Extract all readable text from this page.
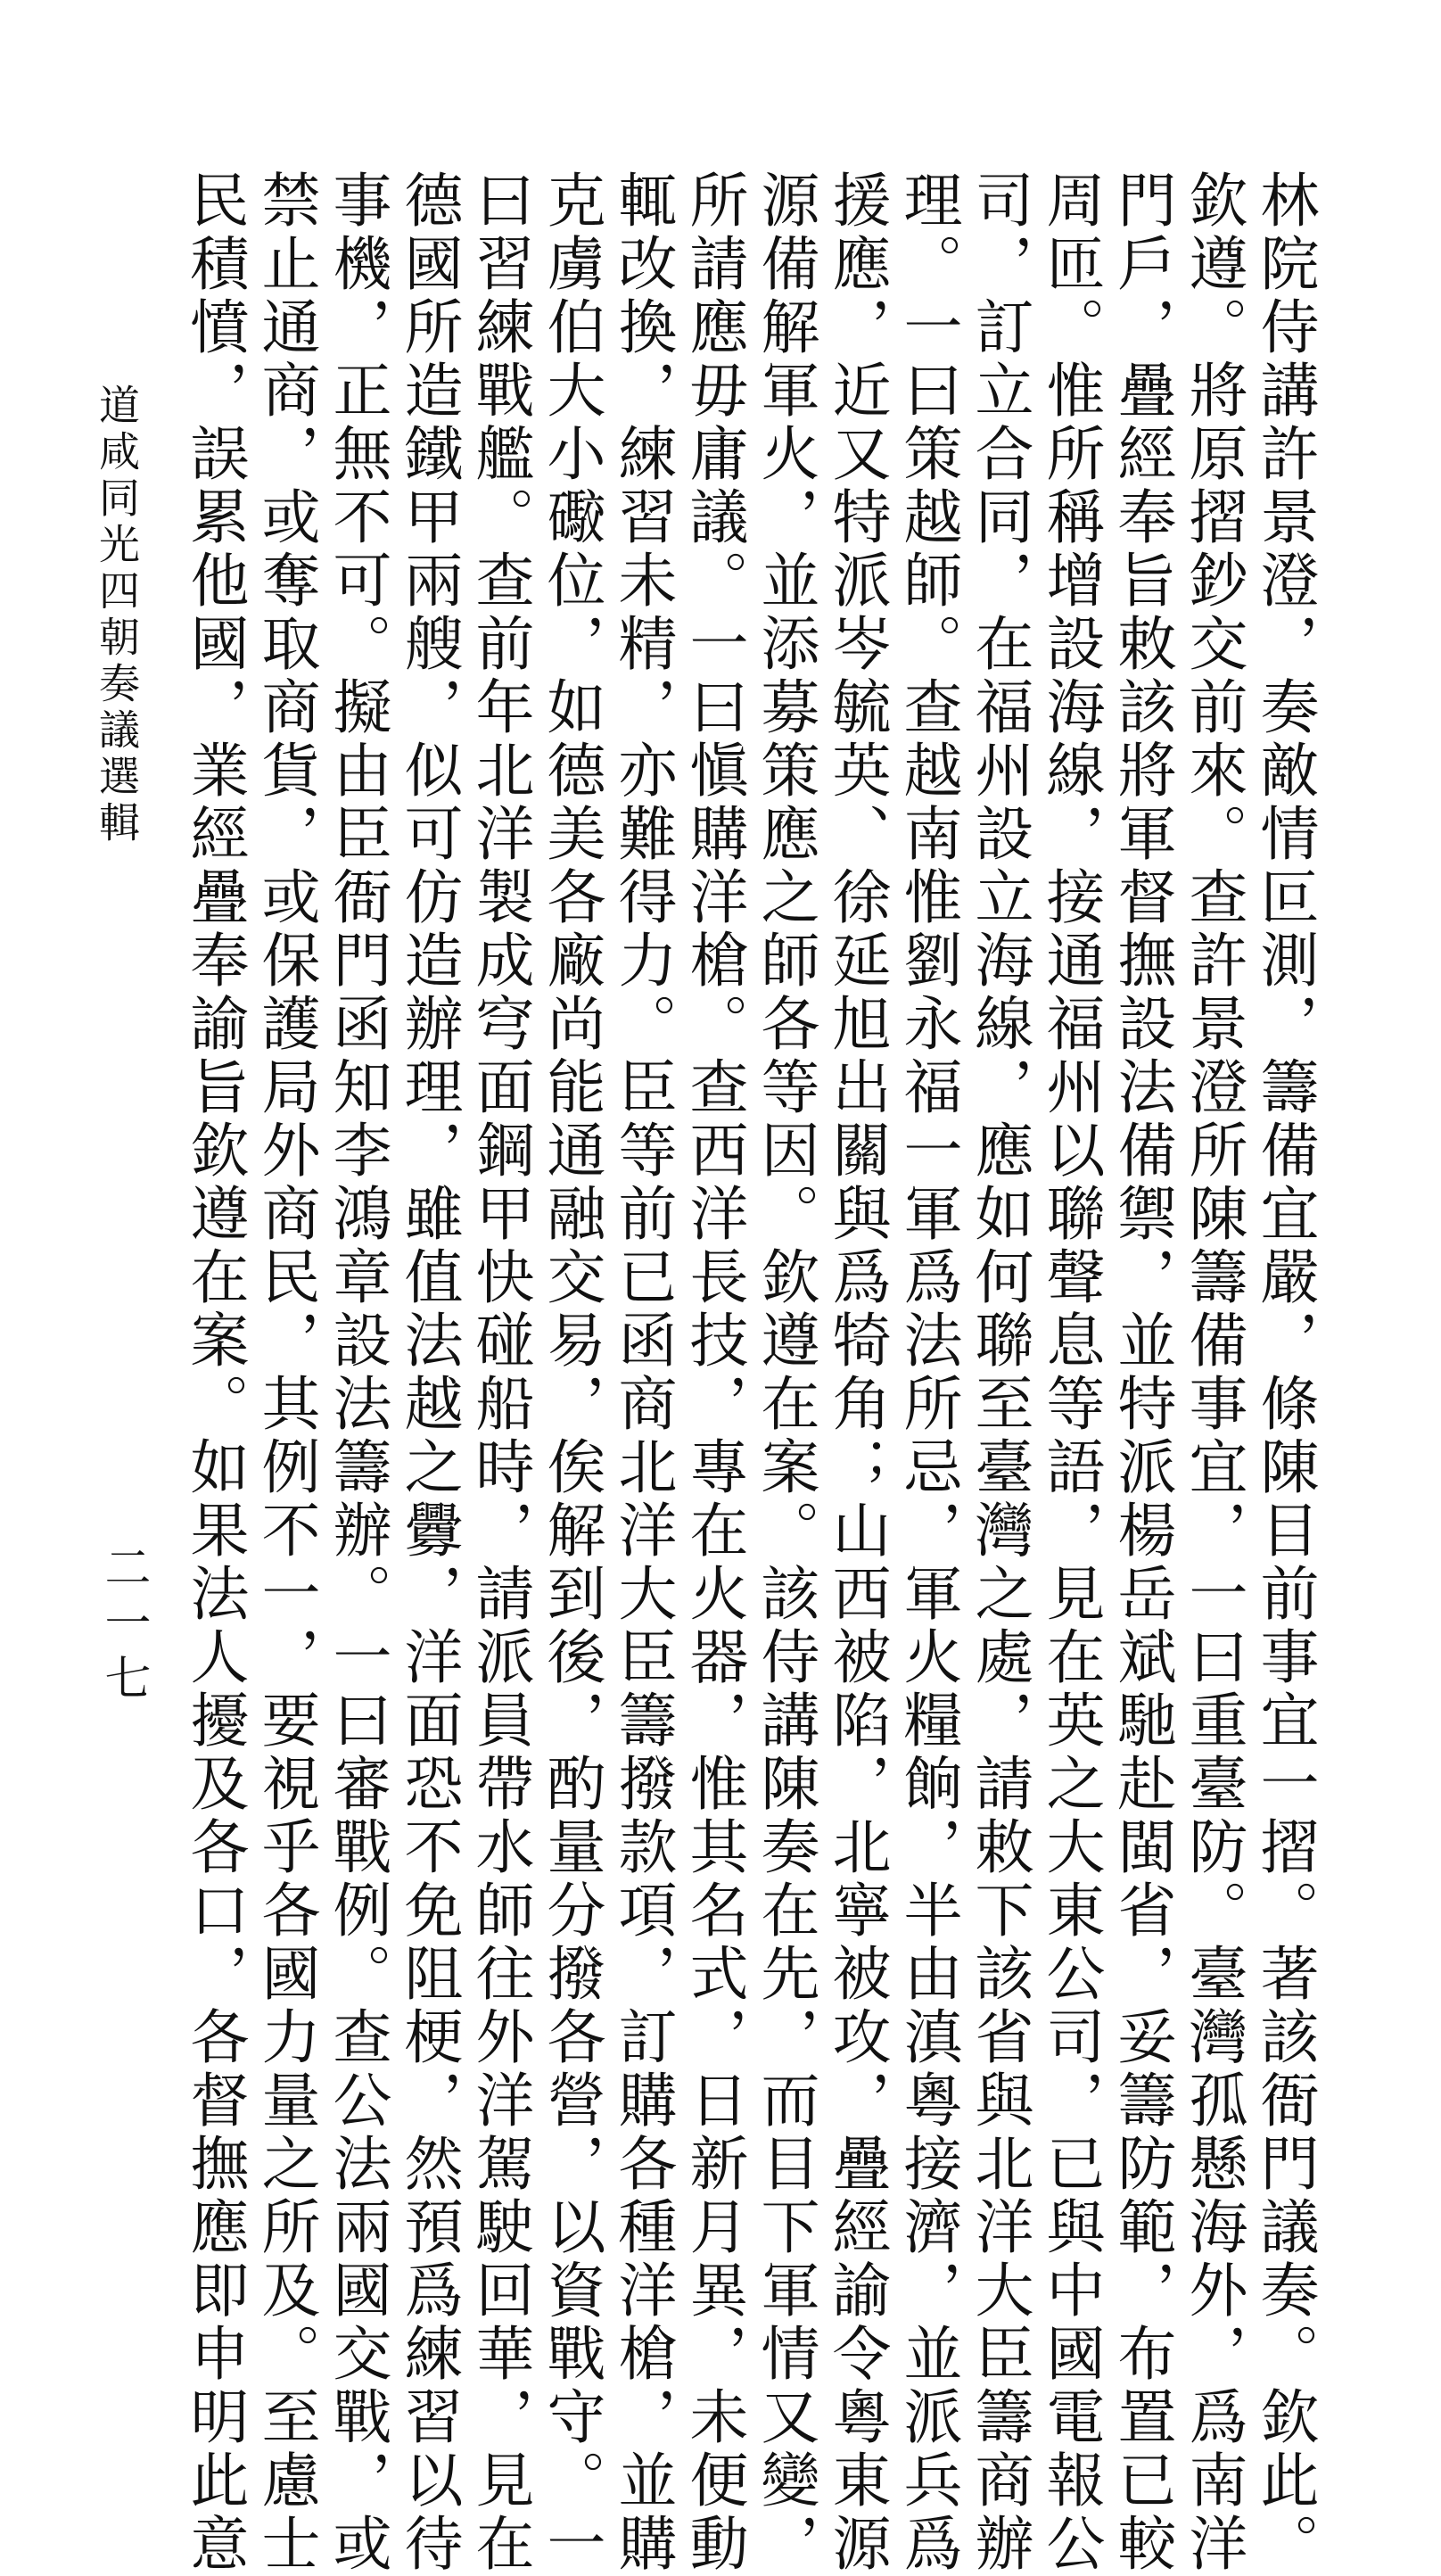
道咸同光四朝奏議選輯
二一七	林院侍講許景澄，奏敵情叵測，籌備宜嚴，條陳目前事宜一摺。著該衙門議奏。欽此。

欽遵。將原摺鈔交前來。查許景澄所陳籌備事宜，一曰重臺防。臺灣孤懸海外，爲南洋

門戶，疊經奉旨敕該將軍督撫設法備禦，並特派楊岳斌馳赴閩省，妥籌防範，布置已較

周匝。惟所稱增設海線，接通福州以聯聲息等語，見在英之大東公司，已與中國電報公

司，訂立合同，在福州設立海線，應如何聯至臺灣之處，請敕下該省與北洋大臣籌商辦

理。一曰策越師。查越南惟劉永福一軍爲法所忌，軍火糧餉，半由滇粵接濟，並派兵爲

援應，近又特派岑毓英、徐延旭出關與爲犄角；山西被陷，北寧被攻，疊經諭令粵東源

源備解軍火，並添募策應之師各等因。欽遵在案。該侍講陳奏在先，而目下軍情又變，

所請應毋庸議。一曰愼購洋槍。查西洋長技，專在火器，惟其名式，日新月異，未便動

輒改換，練習未精，亦難得力。臣等前已函商北洋大臣籌撥款項，訂購各種洋槍，並購

克虜伯大小礮位，如德美各廠尚能通融交易，俟解到後，酌量分撥各營，以資戰守。一

曰習練戰艦。查前年北洋製成穹面鋼甲快碰船時，請派員帶水師往外洋駕駛回華，見在

德國所造鐵甲兩艘，似可仿造辦理，雖值法越之釁，洋面恐不免阻梗，然預爲練習以待

事機，正無不可。擬由臣衙門函知李鴻章設法籌辦。一曰審戰例。查公法兩國交戰，或

禁止通商，或奪取商貨，或保護局外商民，其例不一，要視乎各國力量之所及。至慮士

民積憤，誤累他國，業經疊奉諭旨欽遵在案。如果法人擾及各口，各督撫應即申明此意
